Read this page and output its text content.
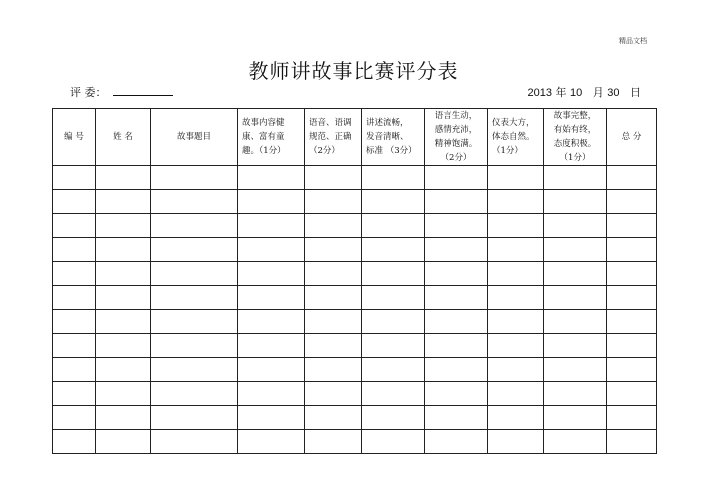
精品文档
教师讲故事比赛评分表
评 委：	2013 年 10 月 30 日
编 号	姓 名	故事题目	故事内容健
康、富有童
趣。（1分）	语音、语调
规范、正确
（2分）	讲述流畅，
发音清晰、
标准 （3分）	语言生动，
感情充沛，
精神饱满。
（2分）	仪表大方，
体态自然。
（1分）	故事完整，
有始有终，
态度积极。
（1分）	总 分
